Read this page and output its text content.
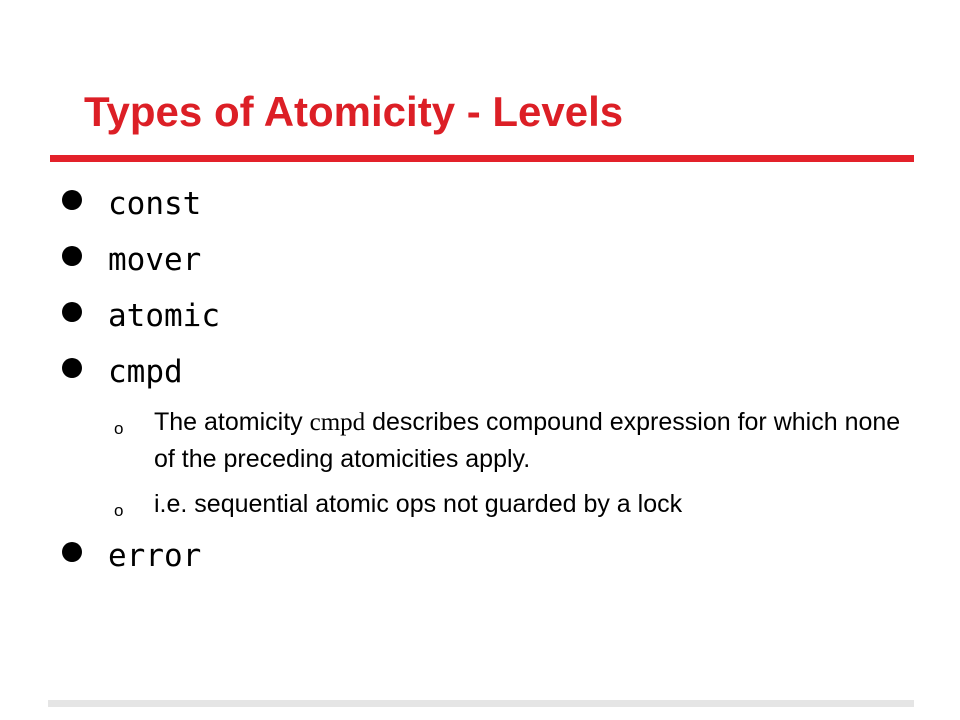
Types of Atomicity - Levels
const
mover
atomic
cmpd
o The atomicity cmpd describes compound expression for which none of the preceding atomicities apply.
o i.e. sequential atomic ops not guarded by a lock
error
